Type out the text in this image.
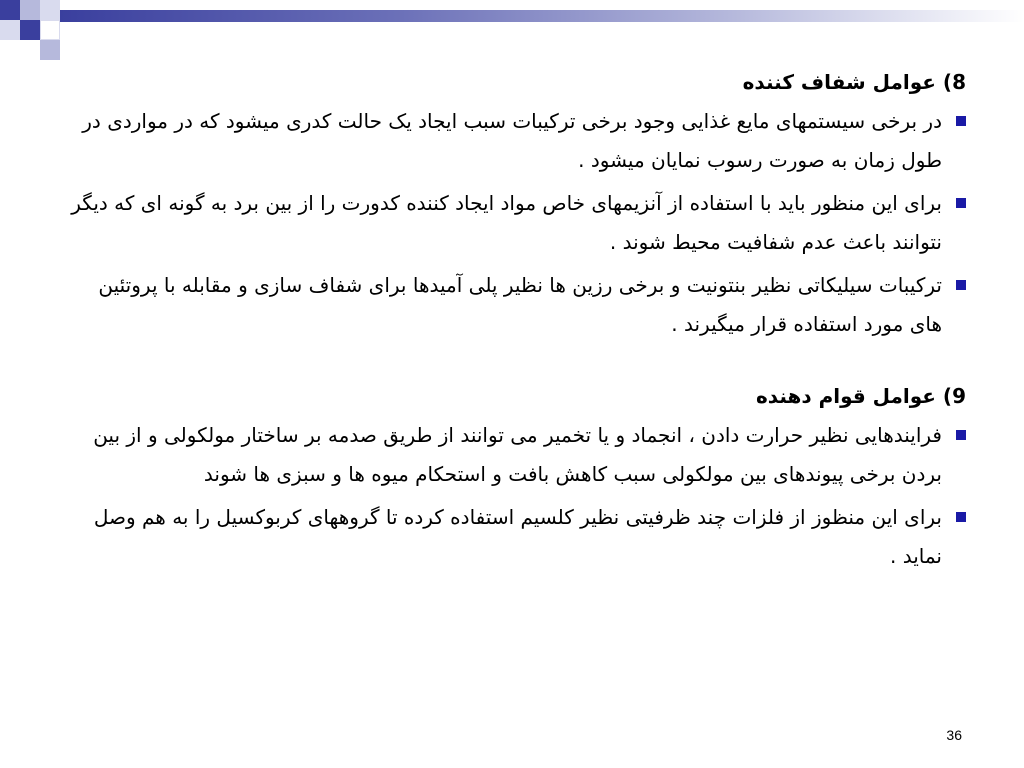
8) عوامل شفاف کننده
در برخی سیستمهای مایع غذایی وجود برخی ترکیبات سبب ایجاد یک حالت کدری میشود که در مواردی در طول زمان به صورت رسوب نمایان میشود .
برای این منظور باید با استفاده از آنزیمهای خاص مواد ایجاد کننده کدورت را از بین برد به گونه ای که دیگر نتوانند باعث عدم شفافیت محیط شوند .
ترکیبات سیلیکاتی نظیر بنتونیت و برخی رزین ها نظیر پلی آمیدها برای شفاف سازی و مقابله با پروتئین های مورد استفاده قرار میگیرند .
9) عوامل قوام دهنده
فرایندهایی نظیر حرارت دادن ، انجماد و یا تخمیر می توانند از طریق صدمه بر ساختار مولکولی و از بین بردن برخی پیوندهای بین مولکولی سبب کاهش بافت و استحکام میوه ها و سبزی ها شوند
برای این منظوز از فلزات چند ظرفیتی نظیر کلسیم استفاده کرده تا گروههای کربوکسیل را به هم وصل نماید .
36
